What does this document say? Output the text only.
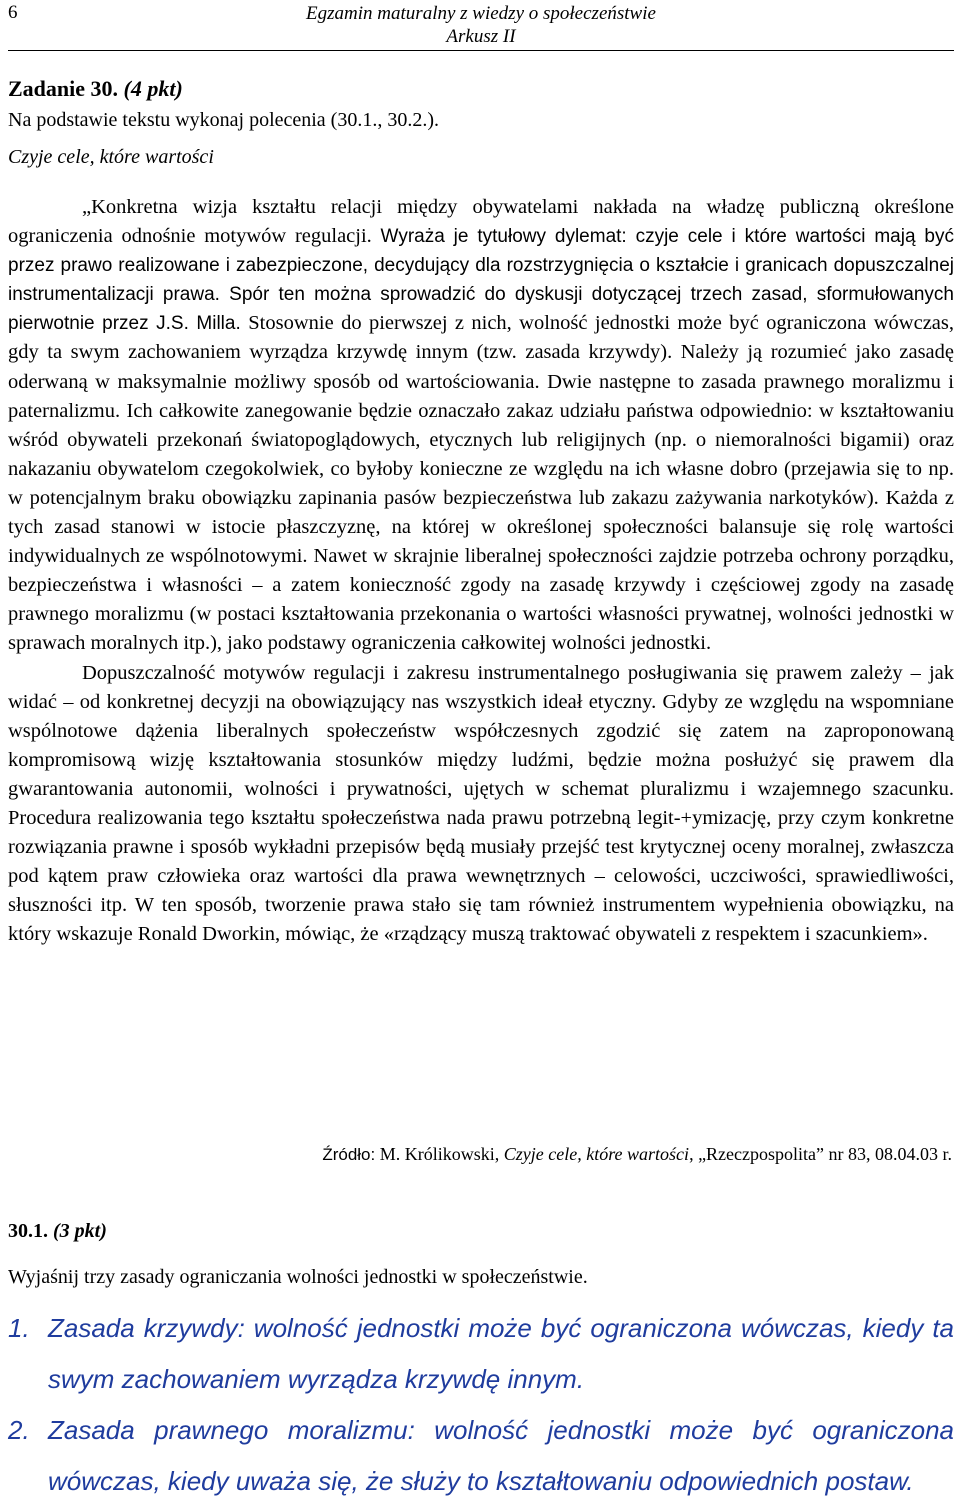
6	Egzamin maturalny z wiedzy o społeczeństwie
Arkusz II
Zadanie 30. (4 pkt)
Na podstawie tekstu wykonaj polecenia (30.1., 30.2.).
Czyje cele, które wartości

„Konkretna wizja kształtu relacji między obywatelami nakłada na władzę publiczną określone ograniczenia odnośnie motywów regulacji. Wyraża je tytułowy dylemat: czyje cele i które wartości mają być przez prawo realizowane i zabezpieczone, decydujący dla rozstrzygnięcia o kształcie i granicach dopuszczalnej instrumentalizacji prawa. Spór ten można sprowadzić do dyskusji dotyczącej trzech zasad, sformułowanych pierwotnie przez J.S. Milla. Stosownie do pierwszej z nich, wolność jednostki może być ograniczona wówczas, gdy ta swym zachowaniem wyrządza krzywdę innym (tzw. zasada krzywdy). Należy ją rozumieć jako zasadę oderwaną w maksymalnie możliwy sposób od wartościowania. Dwie następne to zasada prawnego moralizmu i paternalizmu. Ich całkowite zanegowanie będzie oznaczało zakaz udziału państwa odpowiednio: w kształtowaniu wśród obywateli przekonań światopoglądowych, etycznych lub religijnych (np. o niemoralności bigamii) oraz nakazaniu obywatelom czegokolwiek, co byłoby konieczne ze względu na ich własne dobro (przejawia się to np. w potencjalnym braku obowiązku zapinania pasów bezpieczeństwa lub zakazu zażywania narkotyków). Każda z tych zasad stanowi w istocie płaszczyznę, na której w określonej społeczności balansuje się rolę wartości indywidualnych ze wspólnotowymi. Nawet w skrajnie liberalnej społeczności zajdzie potrzeba ochrony porządku, bezpieczeństwa i własności – a zatem konieczność zgody na zasadę krzywdy i częściowej zgody na zasadę prawnego moralizmu (w postaci kształtowania przekonania o wartości własności prywatnej, wolności jednostki w sprawach moralnych itp.), jako podstawy ograniczenia całkowitej wolności jednostki.

Dopuszczalność motywów regulacji i zakresu instrumentalnego posługiwania się prawem zależy – jak widać – od konkretnej decyzji na obowiązujący nas wszystkich ideał etyczny. Gdyby ze względu na wspomniane wspólnotowe dążenia liberalnych społeczeństw współczesnych zgodzić się zatem na zaproponowaną kompromisową wizję kształtowania stosunków między ludźmi, będzie można posłużyć się prawem dla gwarantowania autonomii, wolności i prywatności, ujętych w schemat pluralizmu i wzajemnego szacunku. Procedura realizowania tego kształtu społeczeństwa nada prawu potrzebną legit-+ymizację, przy czym konkretne rozwiązania prawne i sposób wykładni przepisów będą musiały przejść test krytycznej oceny moralnej, zwłaszcza pod kątem praw człowieka oraz wartości dla prawa wewnętrznych – celowości, uczciwości, sprawiedliwości, słuszności itp. W ten sposób, tworzenie prawa stało się tam również instrumentem wypełnienia obowiązku, na który wskazuje Ronald Dworkin, mówiąc, że «rządzący muszą traktować obywateli z respektem i szacunkiem».

Źródło: M. Królikowski, Czyje cele, które wartości, „Rzeczpospolita” nr 83, 08.04.03 r.
30.1. (3 pkt)
Wyjaśnij trzy zasady ograniczania wolności jednostki w społeczeństwie.
1. Zasada krzywdy: wolność jednostki może być ograniczona wówczas, kiedy ta swym zachowaniem wyrządza krzywdę innym.
2. Zasada prawnego moralizmu: wolność jednostki może być ograniczona wówczas, kiedy uważa się, że służy to kształtowaniu odpowiednich postaw.
